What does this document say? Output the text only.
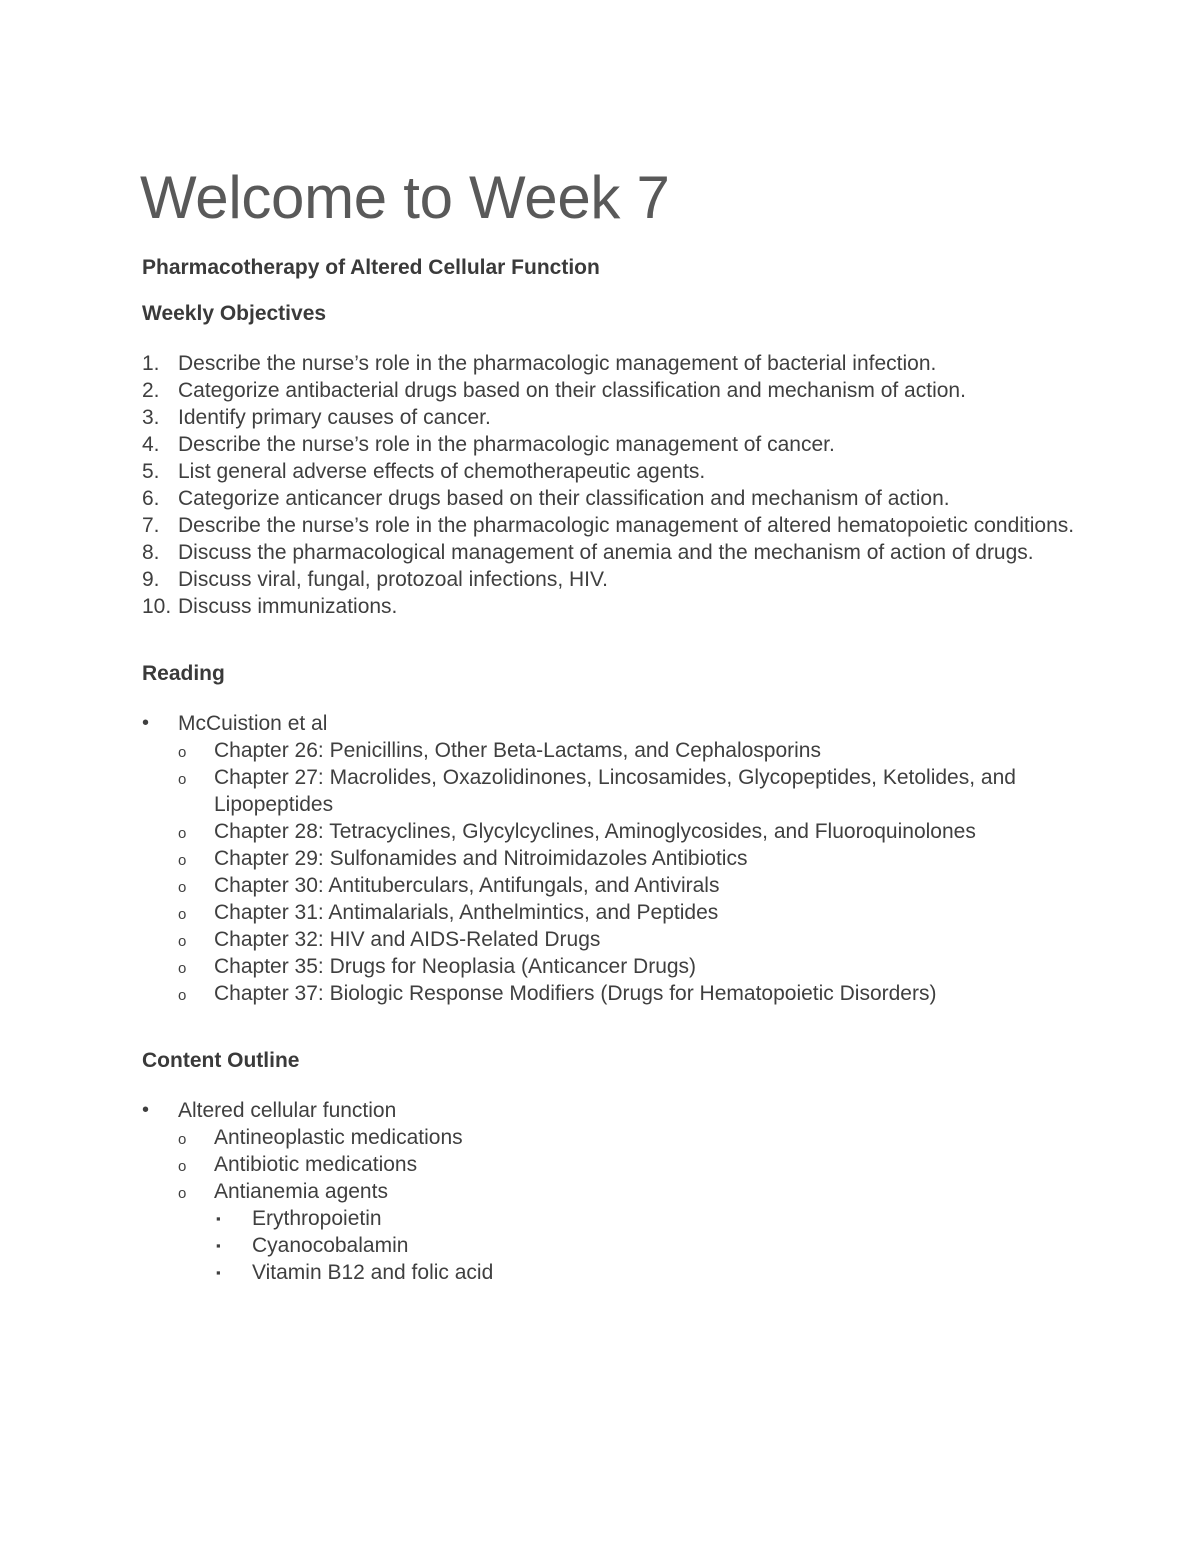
Welcome to Week 7

Pharmacotherapy of Altered Cellular Function

Weekly Objectives

1. Describe the nurse’s role in the pharmacologic management of bacterial infection.
2. Categorize antibacterial drugs based on their classification and mechanism of action.
3. Identify primary causes of cancer.
4. Describe the nurse’s role in the pharmacologic management of cancer.
5. List general adverse effects of chemotherapeutic agents.
6. Categorize anticancer drugs based on their classification and mechanism of action.
7. Describe the nurse’s role in the pharmacologic management of altered hematopoietic conditions.
8. Discuss the pharmacological management of anemia and the mechanism of action of drugs.
9. Discuss viral, fungal, protozoal infections, HIV.
10. Discuss immunizations.

Reading

• McCuistion et al
o Chapter 26: Penicillins, Other Beta-Lactams, and Cephalosporins
o Chapter 27: Macrolides, Oxazolidinones, Lincosamides, Glycopeptides, Ketolides, and Lipopeptides
o Chapter 28: Tetracyclines, Glycylcyclines, Aminoglycosides, and Fluoroquinolones
o Chapter 29: Sulfonamides and Nitroimidazoles Antibiotics
o Chapter 30: Antituberculars, Antifungals, and Antivirals
o Chapter 31: Antimalarials, Anthelmintics, and Peptides
o Chapter 32: HIV and AIDS-Related Drugs
o Chapter 35: Drugs for Neoplasia (Anticancer Drugs)
o Chapter 37: Biologic Response Modifiers (Drugs for Hematopoietic Disorders)

Content Outline

• Altered cellular function
o Antineoplastic medications
o Antibiotic medications
o Antianemia agents
▪ Erythropoietin
▪ Cyanocobalamin
▪ Vitamin B12 and folic acid
